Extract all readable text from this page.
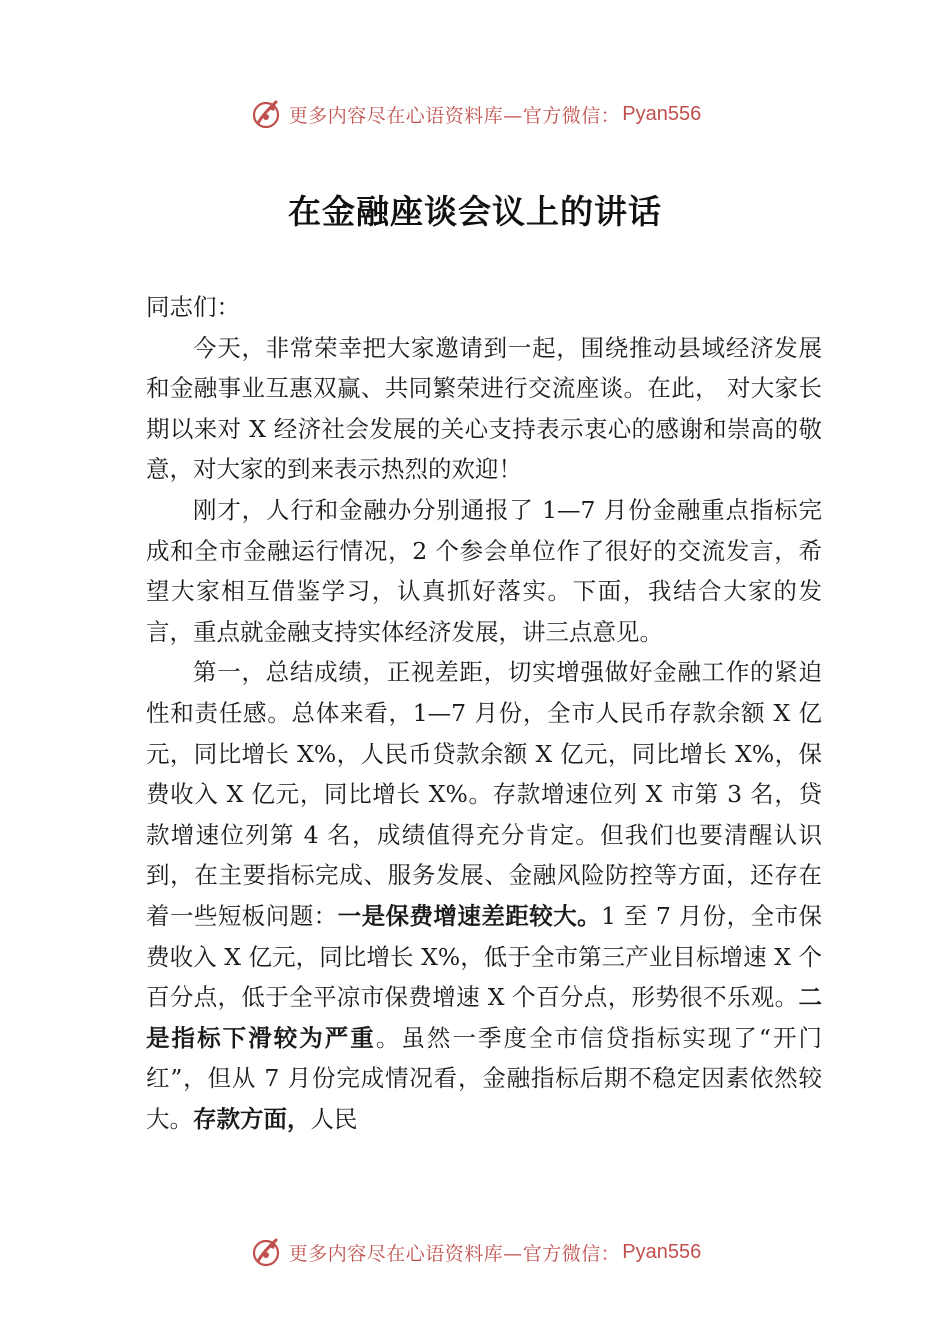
更多内容尽在心语资料库—官方微信： Pyan556
在金融座谈会议上的讲话

同志们：

今天，非常荣幸把大家邀请到一起，围绕推动县域经济发展和金融事业互惠双赢、共同繁荣进行交流座谈。在此， 对大家长期以来对 X 经济社会发展的关心支持表示衷心的感谢和崇高的敬意，对大家的到来表示热烈的欢迎！

刚才，人行和金融办分别通报了 1—7 月份金融重点指标完成和全市金融运行情况，2 个参会单位作了很好的交流发言，希望大家相互借鉴学习，认真抓好落实。下面，我结合大家的发言，重点就金融支持实体经济发展，讲三点意见。

第一，总结成绩，正视差距，切实增强做好金融工作的紧迫性和责任感。总体来看，1—7 月份，全市人民币存款余额 X 亿元，同比增长 X%，人民币贷款余额 X 亿元，同比增长 X%，保费收入 X 亿元，同比增长 X%。存款增速位列 X 市第 3 名，贷款增速位列第 4 名，成绩值得充分肯定。但我们也要清醒认识到，在主要指标完成、服务发展、金融风险防控等方面，还存在着一些短板问题：一是保费增速差距较大。1 至 7 月份，全市保费收入 X 亿元，同比增长 X%，低于全市第三产业目标增速 X 个百分点，低于全平凉市保费增速 X 个百分点，形势很不乐观。二是指标下滑较为严重。虽然一季度全市信贷指标实现了“开门红”，但从 7 月份完成情况看，金融指标后期不稳定因素依然较大。存款方面，人民

更多内容尽在心语资料库—官方微信： Pyan556
